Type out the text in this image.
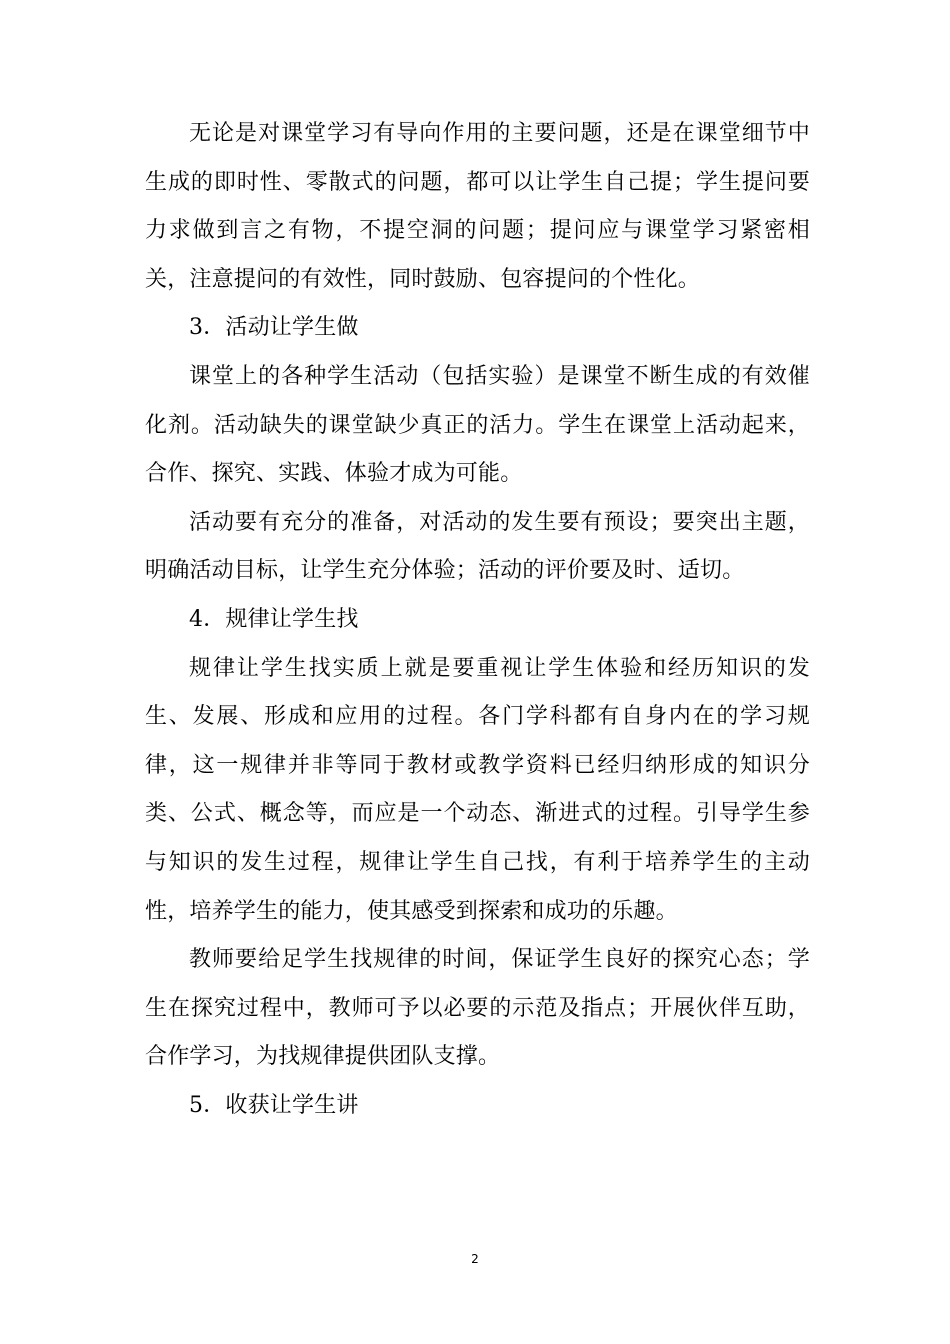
无论是对课堂学习有导向作用的主要问题，还是在课堂细节中生成的即时性、零散式的问题，都可以让学生自己提；学生提问要力求做到言之有物，不提空洞的问题；提问应与课堂学习紧密相关，注意提问的有效性，同时鼓励、包容提问的个性化。

3．活动让学生做

课堂上的各种学生活动（包括实验）是课堂不断生成的有效催化剂。活动缺失的课堂缺少真正的活力。学生在课堂上活动起来，合作、探究、实践、体验才成为可能。

活动要有充分的准备，对活动的发生要有预设；要突出主题，明确活动目标，让学生充分体验；活动的评价要及时、适切。

4．规律让学生找

规律让学生找实质上就是要重视让学生体验和经历知识的发生、发展、形成和应用的过程。各门学科都有自身内在的学习规律，这一规律并非等同于教材或教学资料已经归纳形成的知识分类、公式、概念等，而应是一个动态、渐进式的过程。引导学生参与知识的发生过程，规律让学生自己找，有利于培养学生的主动性，培养学生的能力，使其感受到探索和成功的乐趣。

教师要给足学生找规律的时间，保证学生良好的探究心态；学生在探究过程中，教师可予以必要的示范及指点；开展伙伴互助，合作学习，为找规律提供团队支撑。

5．收获让学生讲

2
